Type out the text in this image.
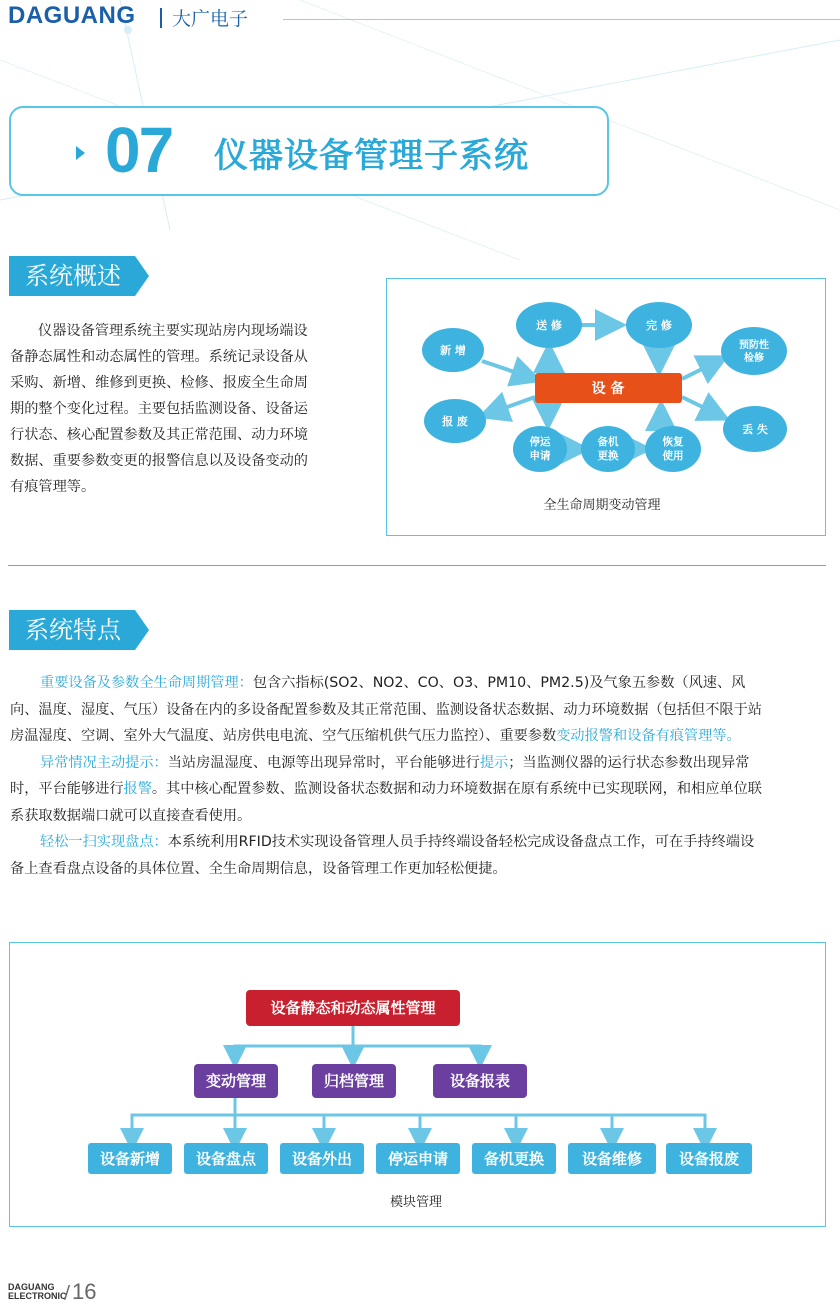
DAGUANG 大广电子
07 仪器设备管理子系统
系统概述
仪器设备管理系统主要实现站房内现场端设
备静态属性和动态属性的管理。系统记录设备从
采购、新增、维修到更换、检修、报废全生命周
期的整个变化过程。主要包括监测设备、设备运
行状态、核心配置参数及其正常范围、动力环境
数据、重要参数变更的报警信息以及设备变动的
有痕管理等。
设 备
送 修	完 修
新 增	预防性
检修
报 废
丢 失
停运
申请
备机
更换
恢复
使用
全生命周期变动管理
系统特点
重要设备及参数全生命周期管理：包含六指标(SO2、NO2、CO、O3、PM10、PM2.5)及气象五参数（风速、风
向、温度、湿度、气压）设备在内的多设备配置参数及其正常范围、监测设备状态数据、动力环境数据（包括但不限于站
房温湿度、空调、室外大气温度、站房供电电流、空气压缩机供气压力监控）、重要参数变动报警和设备有痕管理等。
异常情况主动提示：当站房温湿度、电源等出现异常时，平台能够进行提示；当监测仪器的运行状态参数出现异常
时，平台能够进行报警。其中核心配置参数、监测设备状态数据和动力环境数据在原有系统中已实现联网，和相应单位联
系获取数据端口就可以直接查看使用。
轻松一扫实现盘点：本系统利用RFID技术实现设备管理人员手持终端设备轻松完成设备盘点工作，可在手持终端设
备上查看盘点设备的具体位置、全生命周期信息，设备管理工作更加轻松便捷。
设备静态和动态属性管理
变动管理	归档管理	设备报表
设备新增 设备盘点 设备外出 停运申请 备机更换	设备维修 设备报废
模块管理
DAGUANG
ELECTRONIC
/ 16
